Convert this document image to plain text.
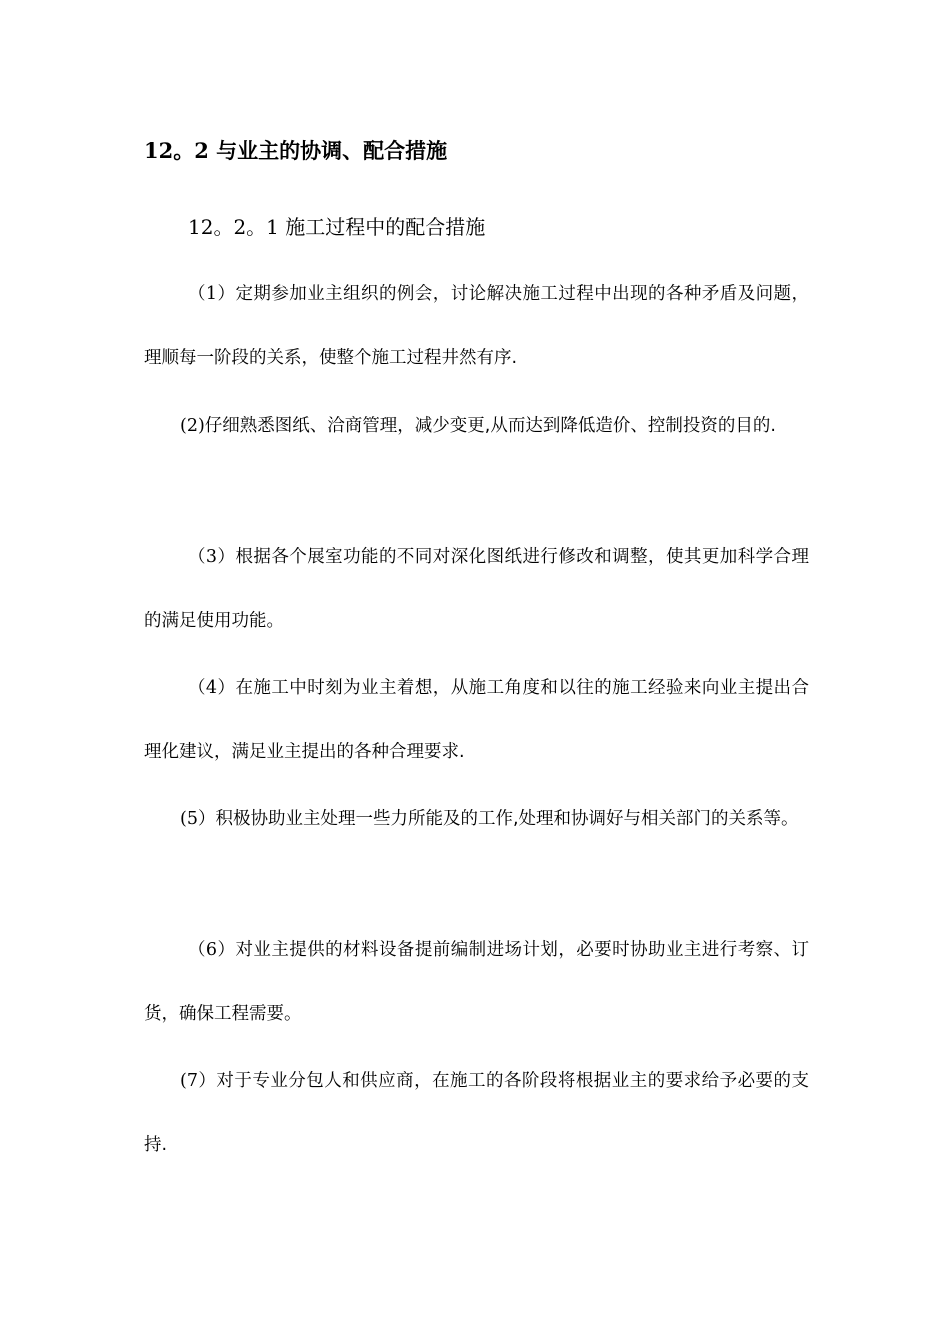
12。2 与业主的协调、配合措施
12。2。1 施工过程中的配合措施

（1）定期参加业主组织的例会，讨论解决施工过程中出现的各种矛盾及问题，理顺每一阶段的关系，使整个施工过程井然有序.

(2)仔细熟悉图纸、洽商管理，减少变更,从而达到降低造价、控制投资的目的.

（3）根据各个展室功能的不同对深化图纸进行修改和调整，使其更加科学合理的满足使用功能。

（4）在施工中时刻为业主着想，从施工角度和以往的施工经验来向业主提出合理化建议，满足业主提出的各种合理要求.

(5）积极协助业主处理一些力所能及的工作,处理和协调好与相关部门的关系等。

（6）对业主提供的材料设备提前编制进场计划，必要时协助业主进行考察、订货，确保工程需要。

(7）对于专业分包人和供应商，在施工的各阶段将根据业主的要求给予必要的支持.
